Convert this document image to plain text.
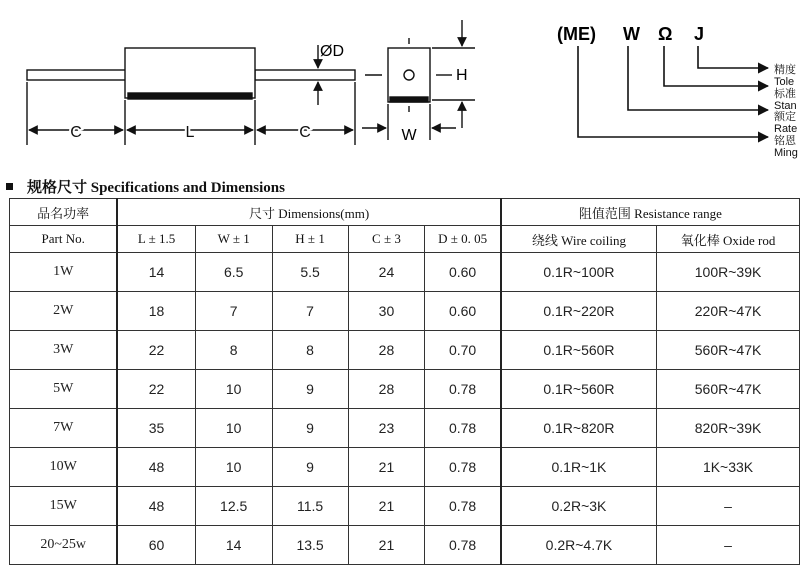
ØD
C	L	C
H
W
(ME) W Ω J
精度
Tole
标准
Stan
额定
Rate
铭恩
Ming
规格尺寸 Specifications and Dimensions
品名功率	尺寸 Dimensions(mm)					阻值范围 Resistance range	
Part No.	L ± 1.5	W ± 1	H ± 1	C ± 3	D ± 0. 05	绕线 Wire coiling	氧化棒 Oxide rod
1W	14	6.5	5.5	24	0.60	0.1R~100R	100R~39K
2W	18	7	7	30	0.60	0.1R~220R	220R~47K
3W	22	8	8	28	0.70	0.1R~560R	560R~47K
5W	22	10	9	28	0.78	0.1R~560R	560R~47K
7W	35	10	9	23	0.78	0.1R~820R	820R~39K
10W	48	10	9	21	0.78	0.1R~1K	1K~33K
15W	48	12.5	11.5	21	0.78	0.2R~3K	–
20~25w	60	14	13.5	21	0.78	0.2R~4.7K	–
